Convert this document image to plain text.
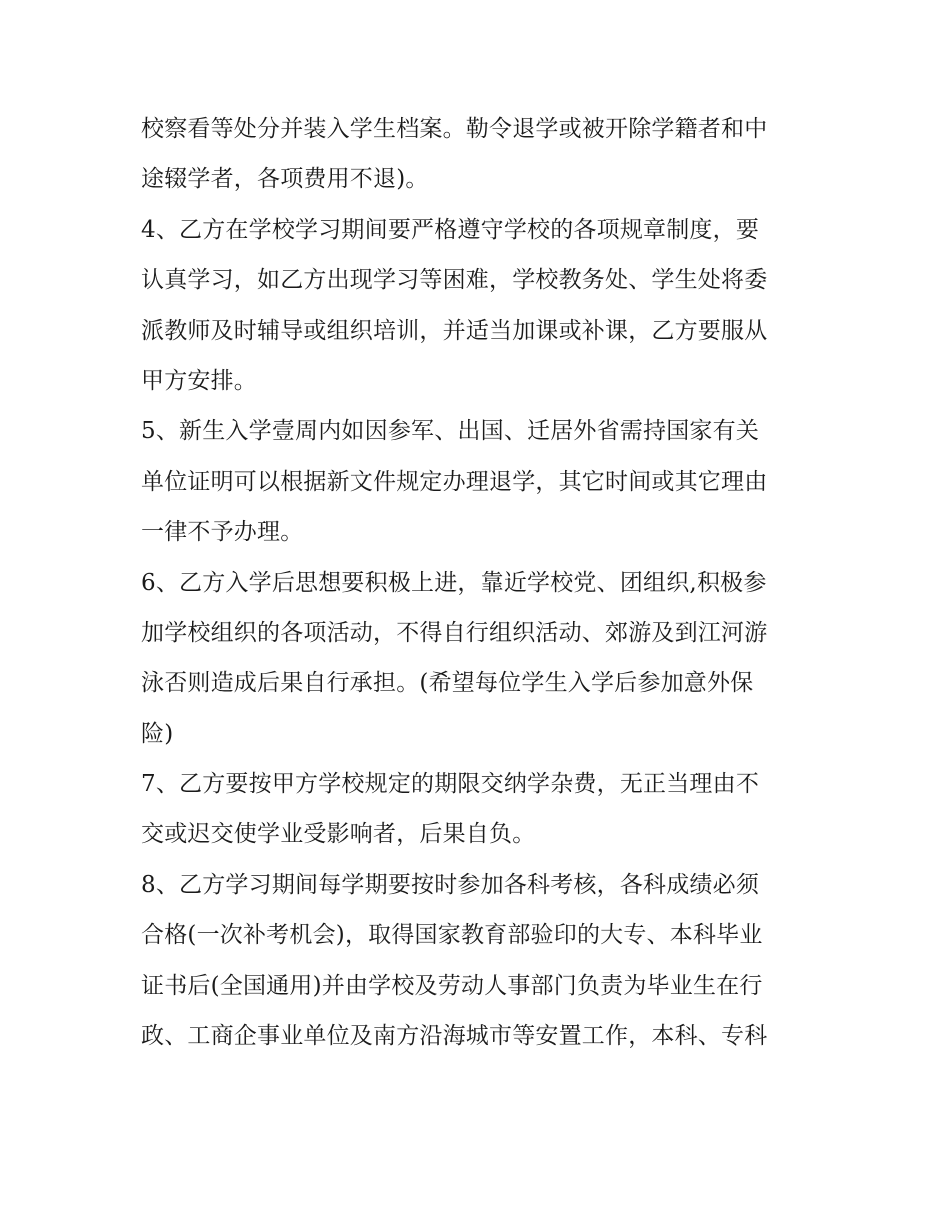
校察看等处分并装入学生档案。勒令退学或被开除学籍者和中
途辍学者，各项费用不退)。
4、乙方在学校学习期间要严格遵守学校的各项规章制度，要
认真学习，如乙方出现学习等困难，学校教务处、学生处将委
派教师及时辅导或组织培训，并适当加课或补课，乙方要服从
甲方安排。
5、新生入学壹周内如因参军、出国、迁居外省需持国家有关
单位证明可以根据新文件规定办理退学，其它时间或其它理由
一律不予办理。
6、乙方入学后思想要积极上进，靠近学校党、团组织,积极参
加学校组织的各项活动，不得自行组织活动、郊游及到江河游
泳否则造成后果自行承担。(希望每位学生入学后参加意外保
险)
7、乙方要按甲方学校规定的期限交纳学杂费，无正当理由不
交或迟交使学业受影响者，后果自负。
8、乙方学习期间每学期要按时参加各科考核，各科成绩必须
合格(一次补考机会)，取得国家教育部验印的大专、本科毕业
证书后(全国通用)并由学校及劳动人事部门负责为毕业生在行
政、工商企事业单位及南方沿海城市等安置工作，本科、专科
